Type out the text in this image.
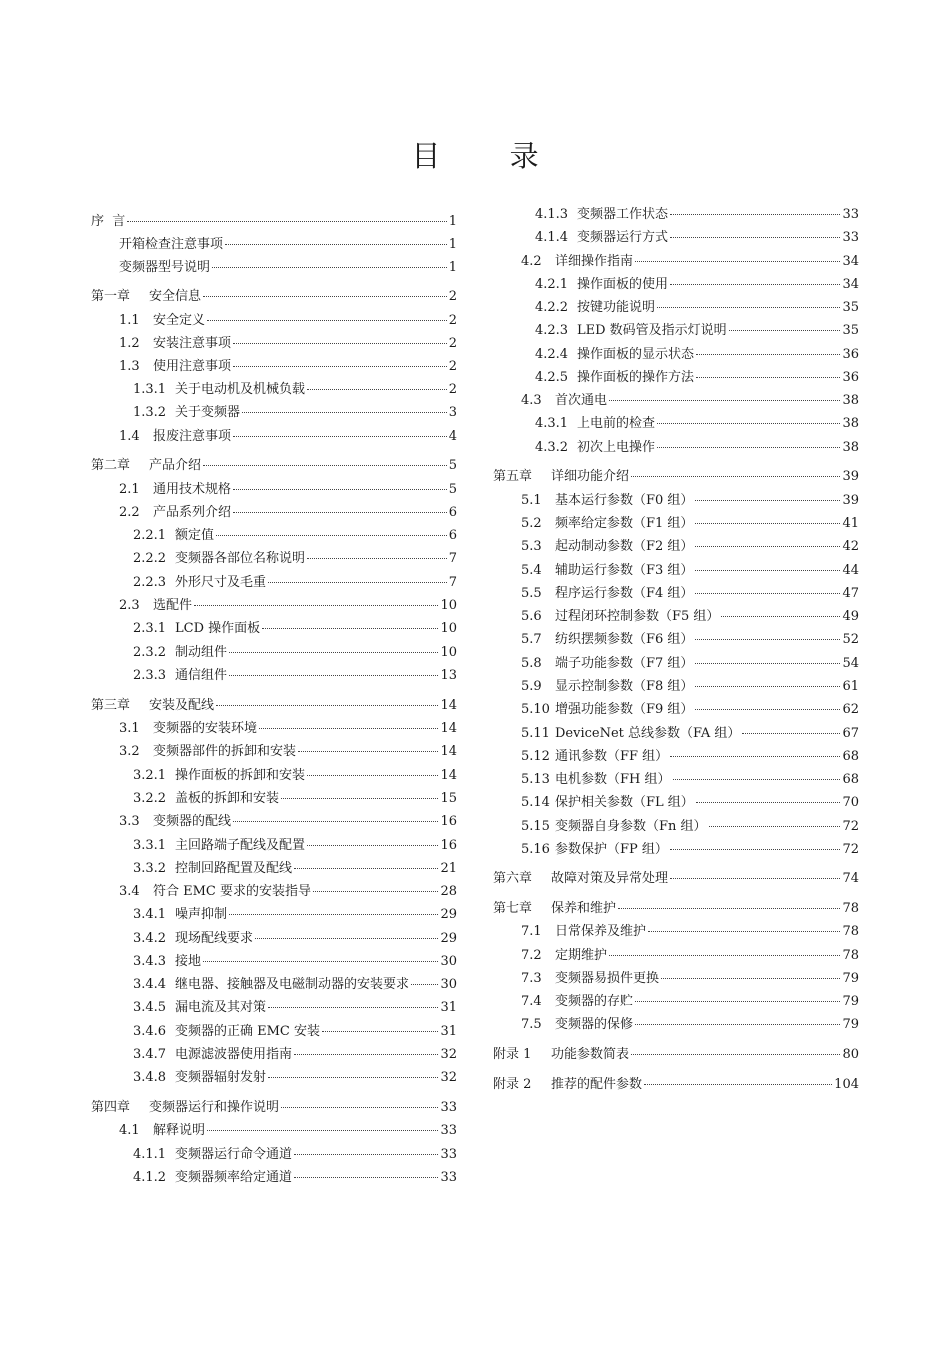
目 录
序  言	1
开箱检查注意事项	1
变频器型号说明	1
第一章	安全信息	2
1.1	安全定义	2
1.2	安装注意事项	2
1.3	使用注意事项	2
1.3.1 关于电动机及机械负载	2
1.3.2 关于变频器	3
1.4	报废注意事项	4
第二章	产品介绍	5
2.1	通用技术规格	5
2.2	产品系列介绍	6
2.2.1 额定值	6
2.2.2 变频器各部位名称说明	7
2.2.3 外形尺寸及毛重	7
2.3	选配件	10
2.3.1 LCD 操作面板	10
2.3.2 制动组件	10
2.3.3 通信组件	13
第三章	安装及配线	14
3.1	变频器的安装环境	14
3.2	变频器部件的拆卸和安装	14
3.2.1 操作面板的拆卸和安装	14
3.2.2 盖板的拆卸和安装	15
3.3	变频器的配线	16
3.3.1 主回路端子配线及配置	16
3.3.2 控制回路配置及配线	21
3.4	符合 EMC 要求的安装指导	28
3.4.1 噪声抑制	29
3.4.2 现场配线要求	29
3.4.3 接地	30
3.4.4 继电器、接触器及电磁制动器的安装要求 30
3.4.5 漏电流及其对策	31
3.4.6 变频器的正确 EMC 安装	31
3.4.7 电源滤波器使用指南	32
3.4.8 变频器辐射发射	32
第四章	变频器运行和操作说明	33
4.1	解释说明	33
4.1.1 变频器运行命令通道	33
4.1.2 变频器频率给定通道	33
4.1.3 变频器工作状态	33
4.1.4 变频器运行方式	33
4.2	详细操作指南	34
4.2.1 操作面板的使用	34
4.2.2 按键功能说明	35
4.2.3 LED 数码管及指示灯说明	35
4.2.4 操作面板的显示状态	36
4.2.5 操作面板的操作方法	36
4.3	首次通电	38
4.3.1 上电前的检查	38
4.3.2 初次上电操作	38
第五章	详细功能介绍	39
5.1	基本运行参数（F0 组）	39
5.2	频率给定参数（F1 组）	41
5.3	起动制动参数（F2 组）	42
5.4	辅助运行参数（F3 组）	44
5.5	程序运行参数（F4 组）	47
5.6	过程闭环控制参数（F5 组）	49
5.7	纺织摆频参数（F6 组）	52
5.8	端子功能参数（F7 组）	54
5.9	显示控制参数（F8 组）	61
5.10 增强功能参数（F9 组）	62
5.11 DeviceNet 总线参数（FA 组）	67
5.12 通讯参数（FF 组）	68
5.13 电机参数（FH 组）	68
5.14 保护相关参数（FL 组）	70
5.15 变频器自身参数（Fn 组）	72
5.16 参数保护（FP 组）	72
第六章	故障对策及异常处理	74
第七章	保养和维护	78
7.1	日常保养及维护	78
7.2	定期维护	78
7.3	变频器易损件更换	79
7.4	变频器的存贮	79
7.5	变频器的保修	79
附录 1	功能参数简表	80
附录 2	推荐的配件参数	104
